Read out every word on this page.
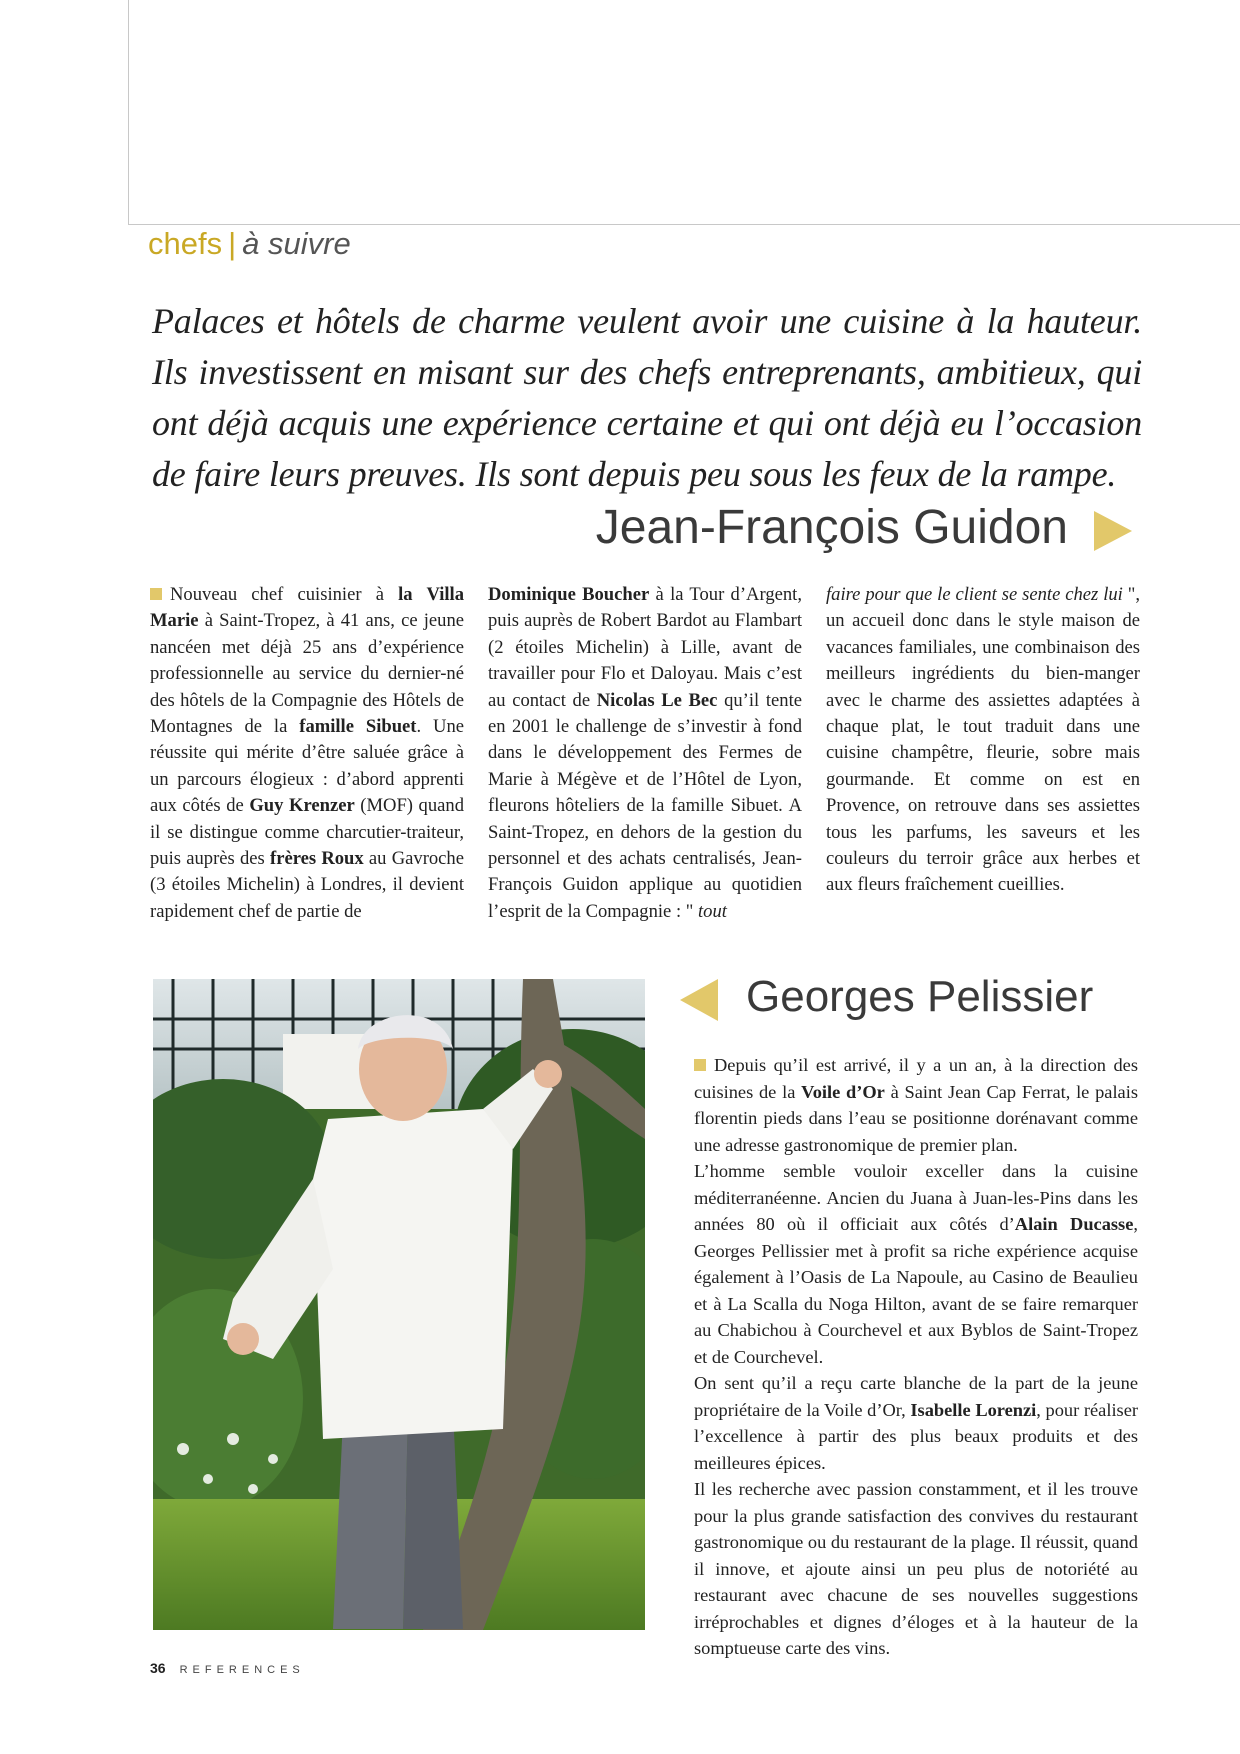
chefs | à suivre
Palaces et hôtels de charme veulent avoir une cuisine à la hauteur. Ils investissent en misant sur des chefs entreprenants, ambitieux, qui ont déjà acquis une expérience certaine et qui ont déjà eu l’occasion de faire leurs preuves. Ils sont depuis peu sous les feux de la rampe.
Jean-François Guidon

Nouveau chef cuisinier à la Villa Marie à Saint-Tropez, à 41 ans, ce jeune nancéen met déjà 25 ans d’expérience professionnelle au service du dernier-né des hôtels de la Compagnie des Hôtels de Montagnes de la famille Sibuet. Une réussite qui mérite d’être saluée grâce à un parcours élogieux : d’abord apprenti aux côtés de Guy Krenzer (MOF) quand il se distingue comme charcutier-traiteur, puis auprès des frères Roux au Gavroche (3 étoiles Michelin) à Londres, il devient rapidement chef de partie de

Dominique Boucher à la Tour d’Argent, puis auprès de Robert Bardot au Flambart (2 étoiles Michelin) à Lille, avant de travailler pour Flo et Daloyau. Mais c’est au contact de Nicolas Le Bec qu’il tente en 2001 le challenge de s’investir à fond dans le développement des Fermes de Marie à Mégève et de l’Hôtel de Lyon, fleurons hôteliers de la famille Sibuet. A Saint-Tropez, en dehors de la gestion du personnel et des achats centralisés, Jean-François Guidon applique au quotidien l’esprit de la Compagnie : " tout

faire pour que le client se sente chez lui ", un accueil donc dans le style maison de vacances familiales, une combinaison des meilleurs ingrédients du bien-manger avec le charme des assiettes adaptées à chaque plat, le tout traduit dans une cuisine champêtre, fleurie, sobre mais gourmande. Et comme on est en Provence, on retrouve dans ses assiettes tous les parfums, les saveurs et les couleurs du terroir grâce aux herbes et aux fleurs fraîchement cueillies.

Georges Pelissier

Depuis qu’il est arrivé, il y a un an, à la direction des cuisines de la Voile d’Or à Saint Jean Cap Ferrat, le palais florentin pieds dans l’eau se positionne dorénavant comme une adresse gastronomique de premier plan.

L’homme semble vouloir exceller dans la cuisine méditerranéenne. Ancien du Juana à Juan-les-Pins dans les années 80 où il officiait aux côtés d’Alain Ducasse, Georges Pellissier met à profit sa riche expérience acquise également à l’Oasis de La Napoule, au Casino de Beaulieu et à La Scalla du Noga Hilton, avant de se faire remarquer au Chabichou à Courchevel et aux Byblos de Saint-Tropez et de Courchevel.

On sent qu’il a reçu carte blanche de la part de la jeune propriétaire de la Voile d’Or, Isabelle Lorenzi, pour réaliser l’excellence à partir des plus beaux produits et des meilleures épices.

Il les recherche avec passion constamment, et il les trouve pour la plus grande satisfaction des convives du restaurant gastronomique ou du restaurant de la plage. Il réussit, quand il innove, et ajoute ainsi un peu plus de notoriété au restaurant avec chacune de ses nouvelles suggestions irréprochables et dignes d’éloges et à la hauteur de la somptueuse carte des vins.

36 REFERENCES
